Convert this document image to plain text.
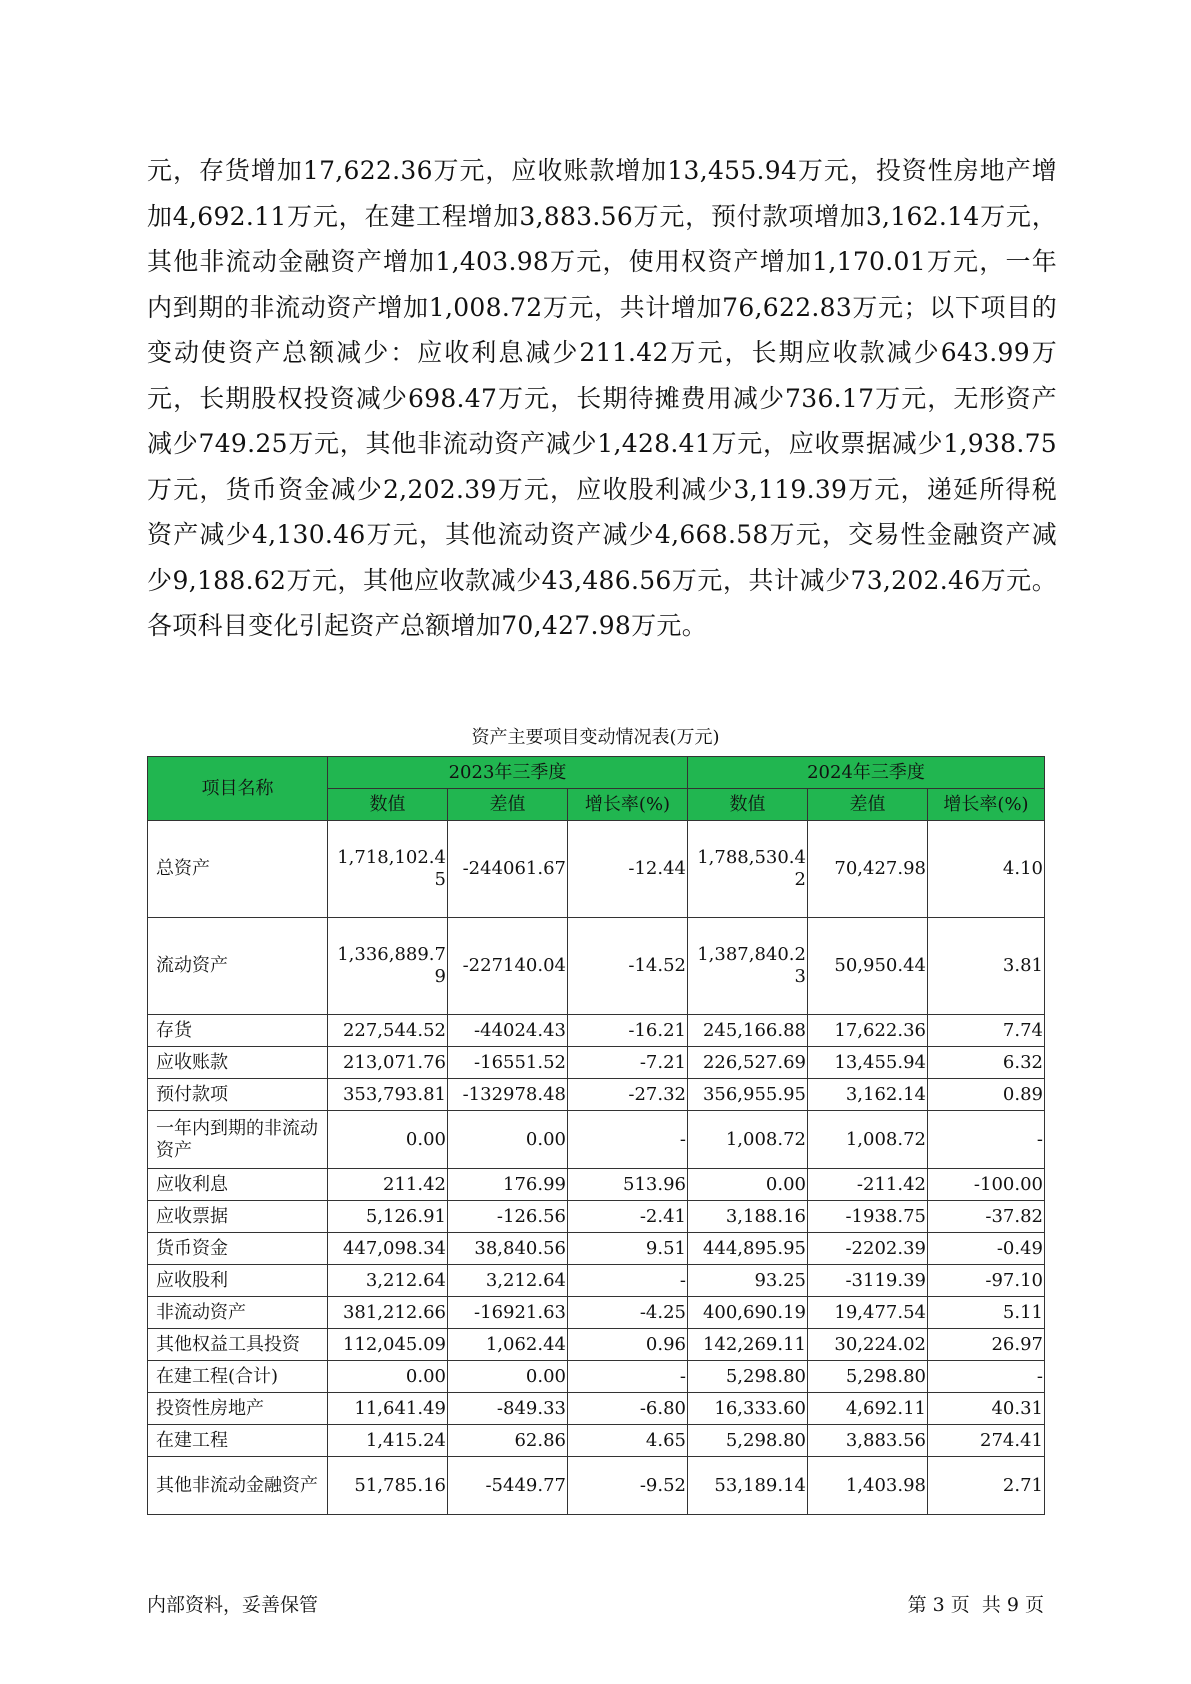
元，存货增加17,622.36万元，应收账款增加13,455.94万元，投资性房地产增加4,692.11万元，在建工程增加3,883.56万元，预付款项增加3,162.14万元，其他非流动金融资产增加1,403.98万元，使用权资产增加1,170.01万元，一年内到期的非流动资产增加1,008.72万元，共计增加76,622.83万元；以下项目的变动使资产总额减少：应收利息减少211.42万元，长期应收款减少643.99万元，长期股权投资减少698.47万元，长期待摊费用减少736.17万元，无形资产减少749.25万元，其他非流动资产减少1,428.41万元，应收票据减少1,938.75万元，货币资金减少2,202.39万元，应收股利减少3,119.39万元，递延所得税资产减少4,130.46万元，其他流动资产减少4,668.58万元，交易性金融资产减少9,188.62万元，其他应收款减少43,486.56万元，共计减少73,202.46万元。各项科目变化引起资产总额增加70,427.98万元。

资产主要项目变动情况表(万元)
项目名称	2023年三季度			2024年三季度		
	数值	差值	增长率(%)	数值	差值	增长率(%)
总资产	1,718,102.45	-244061.67	-12.44	1,788,530.42	70,427.98	4.10
流动资产	1,336,889.79	-227140.04	-14.52	1,387,840.23	50,950.44	3.81
存货	227,544.52	-44024.43	-16.21	245,166.88	17,622.36	7.74
应收账款	213,071.76	-16551.52	-7.21	226,527.69	13,455.94	6.32
预付款项	353,793.81	-132978.48	-27.32	356,955.95	3,162.14	0.89
一年内到期的非流动资产	0.00	0.00	-	1,008.72	1,008.72	-
应收利息	211.42	176.99	513.96	0.00	-211.42	-100.00
应收票据	5,126.91	-126.56	-2.41	3,188.16	-1938.75	-37.82
货币资金	447,098.34	38,840.56	9.51	444,895.95	-2202.39	-0.49
应收股利	3,212.64	3,212.64	-	93.25	-3119.39	-97.10
非流动资产	381,212.66	-16921.63	-4.25	400,690.19	19,477.54	5.11
其他权益工具投资	112,045.09	1,062.44	0.96	142,269.11	30,224.02	26.97
在建工程(合计)	0.00	0.00	-	5,298.80	5,298.80	-
投资性房地产	11,641.49	-849.33	-6.80	16,333.60	4,692.11	40.31
在建工程	1,415.24	62.86	4.65	5,298.80	3,883.56	274.41
其他非流动金融资产	51,785.16	-5449.77	-9.52	53,189.14	1,403.98	2.71
内部资料，妥善保管	第 3 页  共 9 页
